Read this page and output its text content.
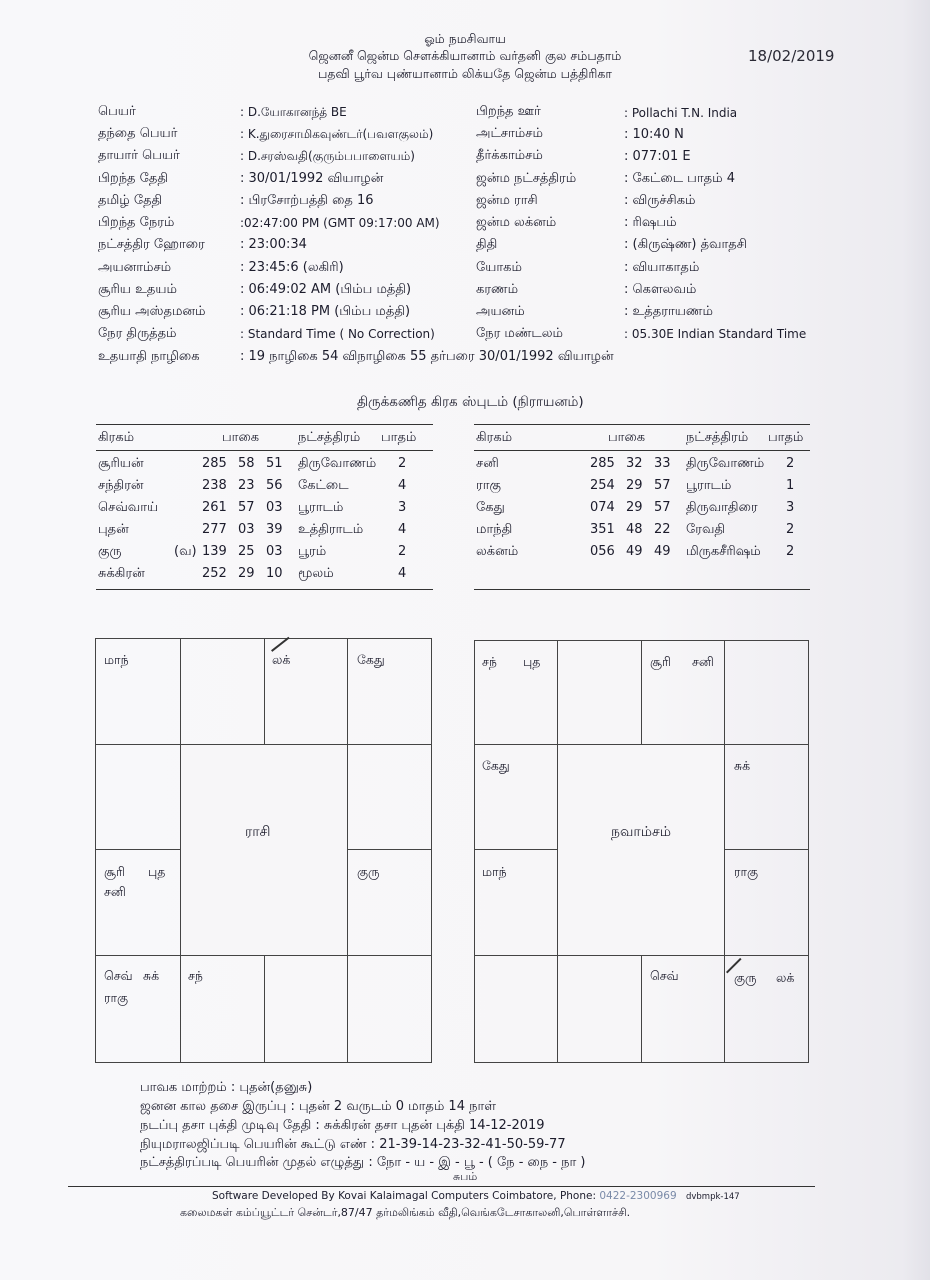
ஓம் நமசிவாய
ஜெனனீ ஜென்ம சௌக்கியானாம் வர்தனி குல சம்பதாம்
பதவி பூர்வ புண்யானாம் லிக்யதே ஜென்ம பத்திரிகா
18/02/2019
பெயர்	: D.யோகானந்த் BE
தந்தை பெயர்	: K.துரைசாமிகவுண்டர்(பவளகுலம்)
தாயார் பெயர்	: D.சரஸ்வதி(குரும்பபாளையம்)
பிறந்த தேதி	: 30/01/1992 வியாழன்
தமிழ் தேதி	: பிரசோற்பத்தி தை 16
பிறந்த நேரம்	:02:47:00 PM (GMT 09:17:00 AM)
நட்சத்திர ஹோரை	: 23:00:34
அயனாம்சம்	: 23:45:6 (லகிரி)
சூரிய உதயம்	: 06:49:02 AM (பிம்ப மத்தி)
சூரிய அஸ்தமனம்	: 06:21:18 PM (பிம்ப மத்தி)
நேர திருத்தம்	: Standard Time ( No Correction)
உதயாதி நாழிகை	: 19 நாழிகை 54 விநாழிகை 55 தர்பரை 30/01/1992 வியாழன்
பிறந்த ஊர்	: Pollachi T.N. India
அட்சாம்சம்	: 10:40 N
தீர்க்காம்சம்	: 077:01 E
ஜன்ம நட்சத்திரம்	: கேட்டை பாதம் 4
ஜன்ம ராசி	: விருச்சிகம்
ஜன்ம லக்னம்	: ரிஷபம்
திதி	: (கிருஷ்ண) த்வாதசி
யோகம்	: வியாகாதம்
கரணம்	: கௌலவம்
அயனம்	: உத்தராயணம்
நேர மண்டலம்	: 05.30E Indian Standard Time
திருக்கணித கிரக ஸ்புடம் (நிராயனம்)
கிரகம்	பாகை	நட்சத்திரம் பாதம்
சூரியன்	285 58 51 திருவோணம் 2
சந்திரன்	238 23 56 கேட்டை	4
செவ்வாய்	261 57 03 பூராடம்	3
புதன்	277 03 39 உத்திராடம்	4
குரு	(வ) 139 25 03 பூரம்	2
சுக்கிரன்	252 29 10 மூலம்	4
கிரகம்	பாகை	நட்சத்திரம் பாதம்
சனி	285 32 33 திருவோணம் 2
ராகு	254 29 57 பூராடம்	1
கேது	074 29 57 திருவாதிரை 3
மாந்தி	351 48 22 ரேவதி	2
லக்னம்	056 49 49 மிருகசீரிஷம் 2
ராசி
மாந்	லக்	கேது
சூரி புத
சனி
குரு
செவ் சுக்
ராகு
சந்
நவாம்சம்
சந் புத	சூரி சனி
கேது	சுக்
மாந்	ராகு
செவ்	குரு லக்
பாவக மாற்றம் : புதன்(தனுசு)
ஜனன கால தசை இருப்பு : புதன் 2 வருடம் 0 மாதம் 14 நாள்
நடப்பு தசா புக்தி முடிவு தேதி : சுக்கிரன் தசா புதன் புக்தி 14-12-2019
நியுமராலஜிப்படி பெயரின் கூட்டு எண் : 21-39-14-23-32-41-50-59-77
நட்சத்திரப்படி பெயரின் முதல் எழுத்து : நோ - ய - இ - பூ - ( நே - நை - நா )
சுபம்
Software Developed By Kovai Kalaimagal Computers Coimbatore, Phone: 0422-2300969 dvbmpk-147
கலைமகள் கம்ப்யூட்டர் சென்டர்,87/47 தர்மலிங்கம் வீதி,வெங்கடேசாகாலனி,பொள்ளாச்சி.
